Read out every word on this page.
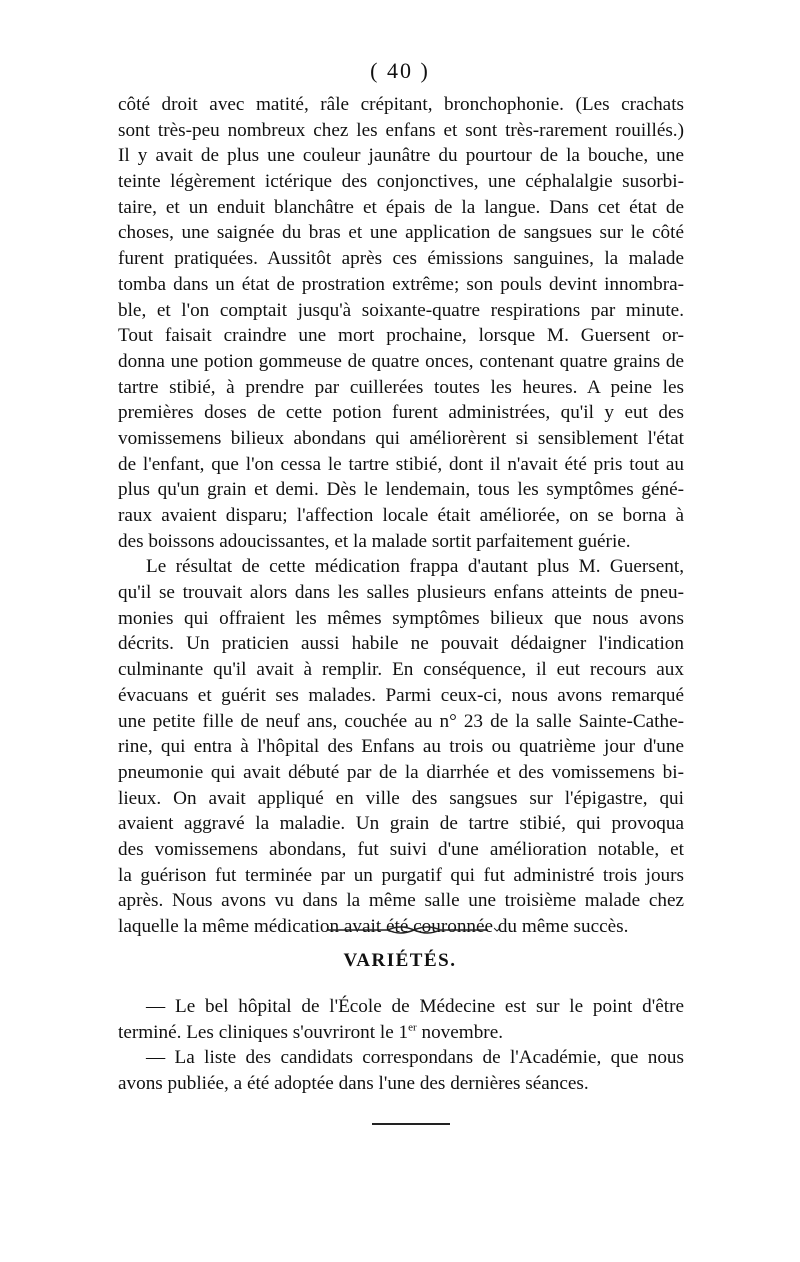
( 40 )
côté droit avec matité, râle crépitant, bronchophonie. (Les crachats
sont très-peu nombreux chez les enfans et sont très-rarement rouillés.)
Il y avait de plus une couleur jaunâtre du pourtour de la bouche, une
teinte légèrement ictérique des conjonctives, une céphalalgie susorbi-
taire, et un enduit blanchâtre et épais de la langue. Dans cet état de
choses, une saignée du bras et une application de sangsues sur le côté
furent pratiquées. Aussitôt après ces émissions sanguines, la malade
tomba dans un état de prostration extrême; son pouls devint innombra-
ble, et l'on comptait jusqu'à soixante-quatre respirations par minute.
Tout faisait craindre une mort prochaine, lorsque M. Guersent or-
donna une potion gommeuse de quatre onces, contenant quatre grains de
tartre stibié, à prendre par cuillerées toutes les heures. A peine les
premières doses de cette potion furent administrées, qu'il y eut des
vomissemens bilieux abondans qui améliorèrent si sensiblement l'état
de l'enfant, que l'on cessa le tartre stibié, dont il n'avait été pris tout au
plus qu'un grain et demi. Dès le lendemain, tous les symptômes géné-
raux avaient disparu; l'affection locale était améliorée, on se borna à
des boissons adoucissantes, et la malade sortit parfaitement guérie.
Le résultat de cette médication frappa d'autant plus M. Guersent,
qu'il se trouvait alors dans les salles plusieurs enfans atteints de pneu-
monies qui offraient les mêmes symptômes bilieux que nous avons
décrits. Un praticien aussi habile ne pouvait dédaigner l'indication
culminante qu'il avait à remplir. En conséquence, il eut recours aux
évacuans et guérit ses malades. Parmi ceux-ci, nous avons remarqué
une petite fille de neuf ans, couchée au n° 23 de la salle Sainte-Cathe-
rine, qui entra à l'hôpital des Enfans au trois ou quatrième jour d'une
pneumonie qui avait débuté par de la diarrhée et des vomissemens bi-
lieux. On avait appliqué en ville des sangsues sur l'épigastre, qui
avaient aggravé la maladie. Un grain de tartre stibié, qui provoqua
des vomissemens abondans, fut suivi d'une amélioration notable, et
la guérison fut terminée par un purgatif qui fut administré trois jours
après. Nous avons vu dans la même salle une troisième malade chez
laquelle la même médication avait été couronnée du même succès.
VARIÉTÉS.
— Le bel hôpital de l'École de Médecine est sur le point d'être
terminé. Les cliniques s'ouvriront le 1er novembre.
— La liste des candidats correspondans de l'Académie, que nous
avons publiée, a été adoptée dans l'une des dernières séances.
